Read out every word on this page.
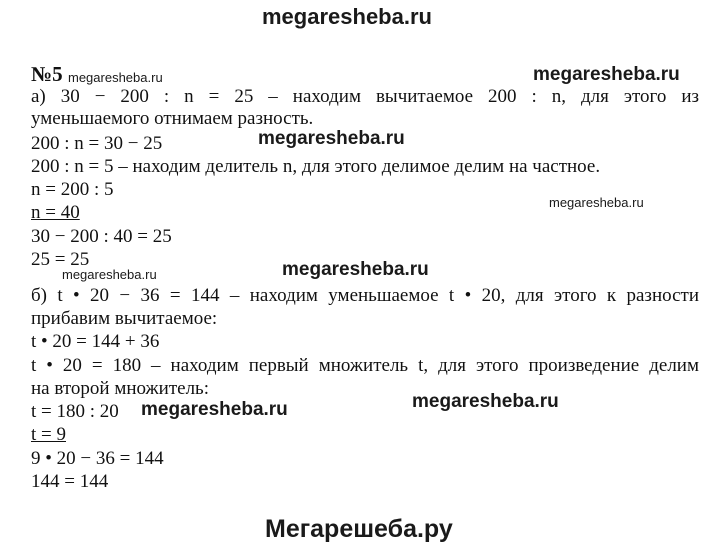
megaresheba.ru
№5 megaresheba.ru	megaresheba.ru
а) 30 − 200 : n = 25 – находим вычитаемое 200 : n, для этого из
уменьшаемого отнимаем разность.
200 : n = 30 − 25	megaresheba.ru
200 : n = 5 – находим делитель n, для этого делимое делим на частное.
n = 200 : 5
megaresheba.ru
n = 40
30 − 200 : 40 = 25
25 = 25
megaresheba.ru	megaresheba.ru
б) t • 20 − 36 = 144 – находим уменьшаемое t • 20, для этого к разности
прибавим вычитаемое:
t • 20 = 144 + 36
t • 20 = 180 – находим первый множитель t, для этого произведение делим
на второй множитель:
megaresheba.ru
t = 180 : 20 megaresheba.ru
t = 9
9 • 20 − 36 = 144
144 = 144
Мегарешеба.ру
